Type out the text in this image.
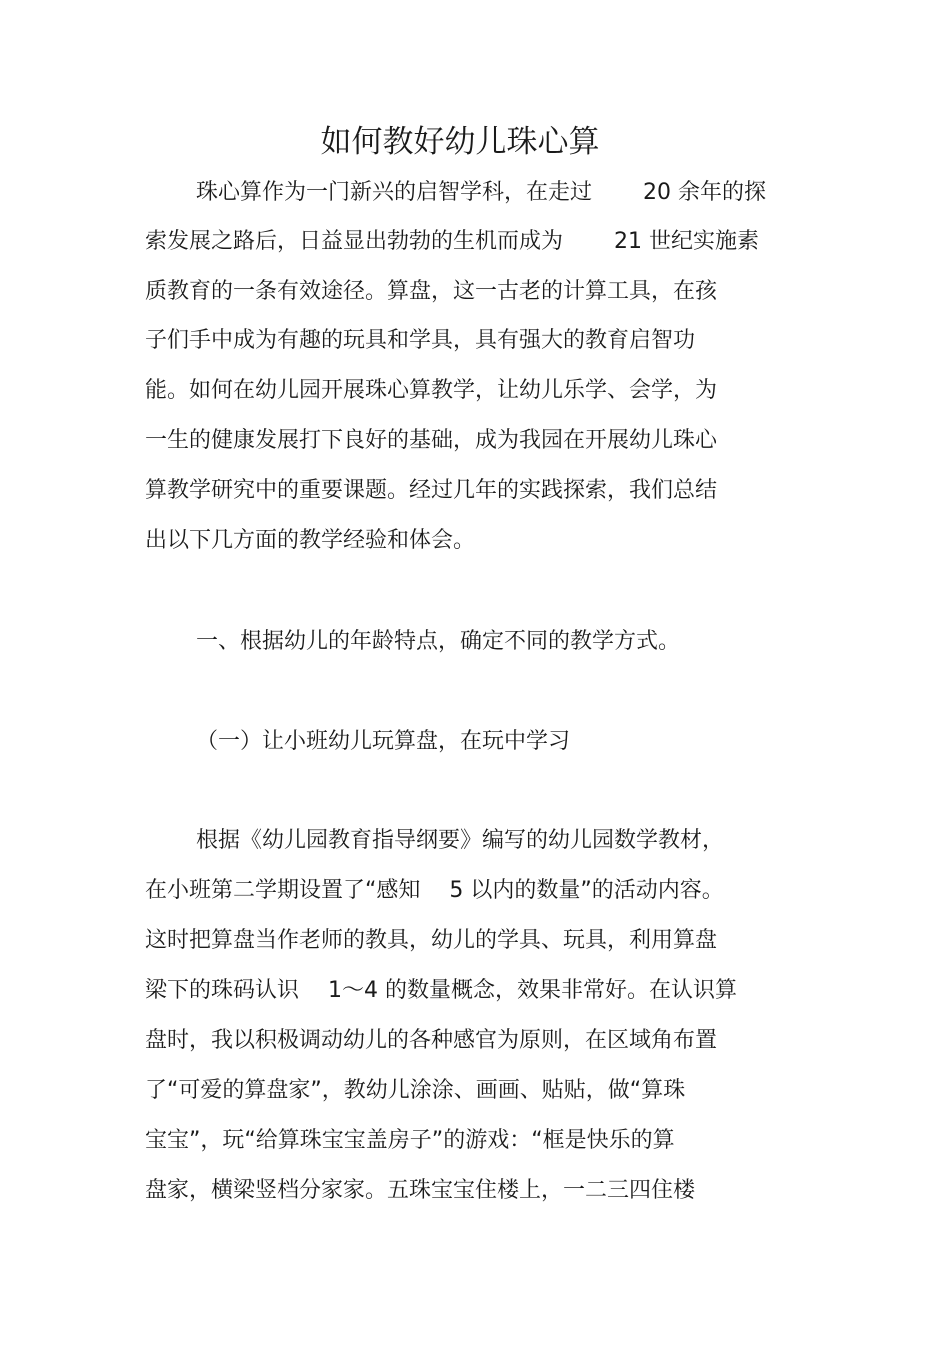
如何教好幼儿珠心算
珠心算作为一门新兴的启智学科，在走过　　 20 余年的探
索发展之路后，日益显出勃勃的生机而成为　　 21 世纪实施素
质教育的一条有效途径。算盘，这一古老的计算工具，在孩
子们手中成为有趣的玩具和学具，具有强大的教育启智功
能。如何在幼儿园开展珠心算教学，让幼儿乐学、会学，为
一生的健康发展打下良好的基础，成为我园在开展幼儿珠心
算教学研究中的重要课题。经过几年的实践探索，我们总结
出以下几方面的教学经验和体会。
一、根据幼儿的年龄特点，确定不同的教学方式。
（一）让小班幼儿玩算盘，在玩中学习
根据《幼儿园教育指导纲要》编写的幼儿园数学教材，
在小班第二学期设置了“感知　 5 以内的数量”的活动内容。
这时把算盘当作老师的教具，幼儿的学具、玩具，利用算盘
梁下的珠码认识　 1～4 的数量概念，效果非常好。在认识算
盘时，我以积极调动幼儿的各种感官为原则，在区域角布置
了“可爱的算盘家”，教幼儿涂涂、画画、贴贴，做“算珠
宝宝”，玩“给算珠宝宝盖房子”的游戏：“框是快乐的算
盘家，横梁竖档分家家。五珠宝宝住楼上，一二三四住楼
